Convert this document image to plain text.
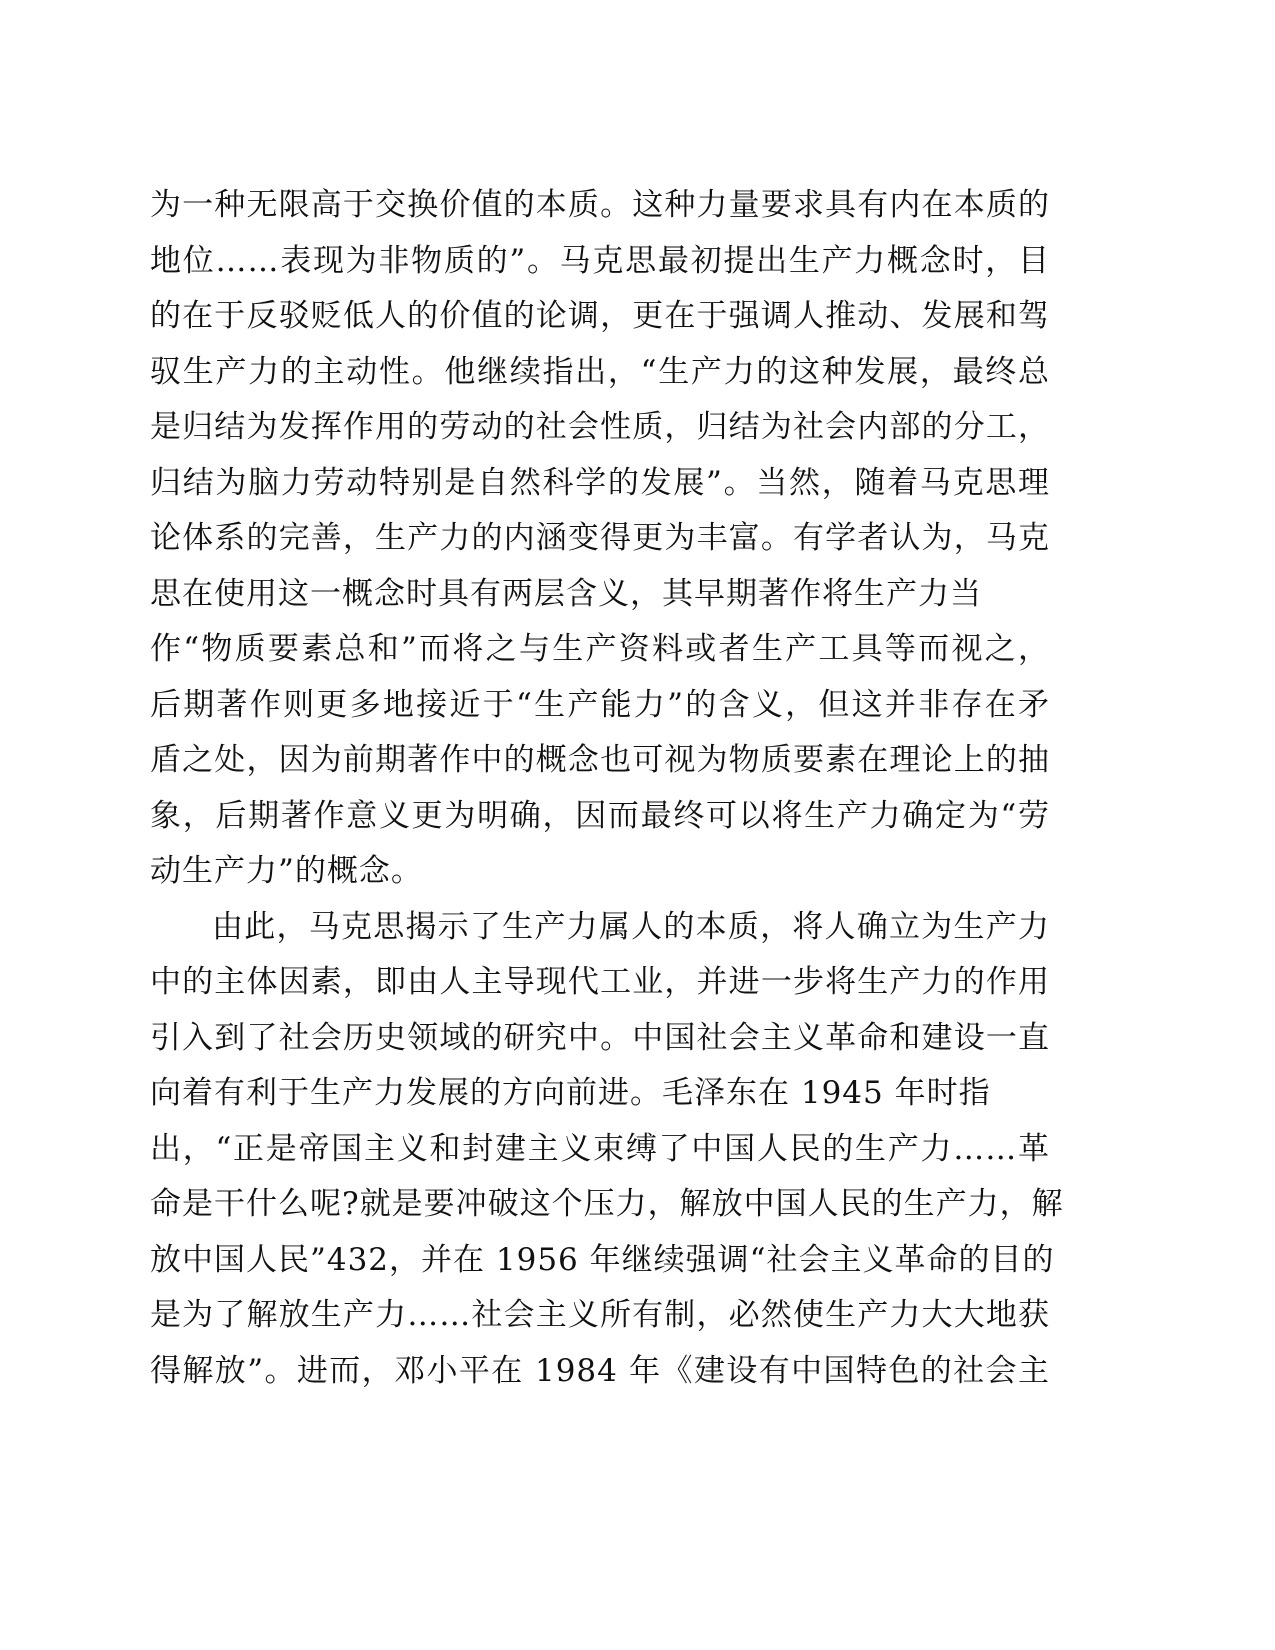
为一种无限高于交换价值的本质。这种力量要求具有内在本质的
地位……表现为非物质的”。马克思最初提出生产力概念时，目
的在于反驳贬低人的价值的论调，更在于强调人推动、发展和驾
驭生产力的主动性。他继续指出，“生产力的这种发展，最终总
是归结为发挥作用的劳动的社会性质，归结为社会内部的分工，
归结为脑力劳动特别是自然科学的发展”。当然，随着马克思理
论体系的完善，生产力的内涵变得更为丰富。有学者认为，马克
思在使用这一概念时具有两层含义，其早期著作将生产力当
作“物质要素总和”而将之与生产资料或者生产工具等而视之，
后期著作则更多地接近于“生产能力”的含义，但这并非存在矛
盾之处，因为前期著作中的概念也可视为物质要素在理论上的抽
象，后期著作意义更为明确，因而最终可以将生产力确定为“劳
动生产力”的概念。
由此，马克思揭示了生产力属人的本质，将人确立为生产力
中的主体因素，即由人主导现代工业，并进一步将生产力的作用
引入到了社会历史领域的研究中。中国社会主义革命和建设一直
向着有利于生产力发展的方向前进。毛泽东在 1945 年时指
出，“正是帝国主义和封建主义束缚了中国人民的生产力……革
命是干什么呢?就是要冲破这个压力，解放中国人民的生产力，解
放中国人民”432，并在 1956 年继续强调“社会主义革命的目的
是为了解放生产力……社会主义所有制，必然使生产力大大地获
得解放”。进而，邓小平在 1984 年《建设有中国特色的社会主
